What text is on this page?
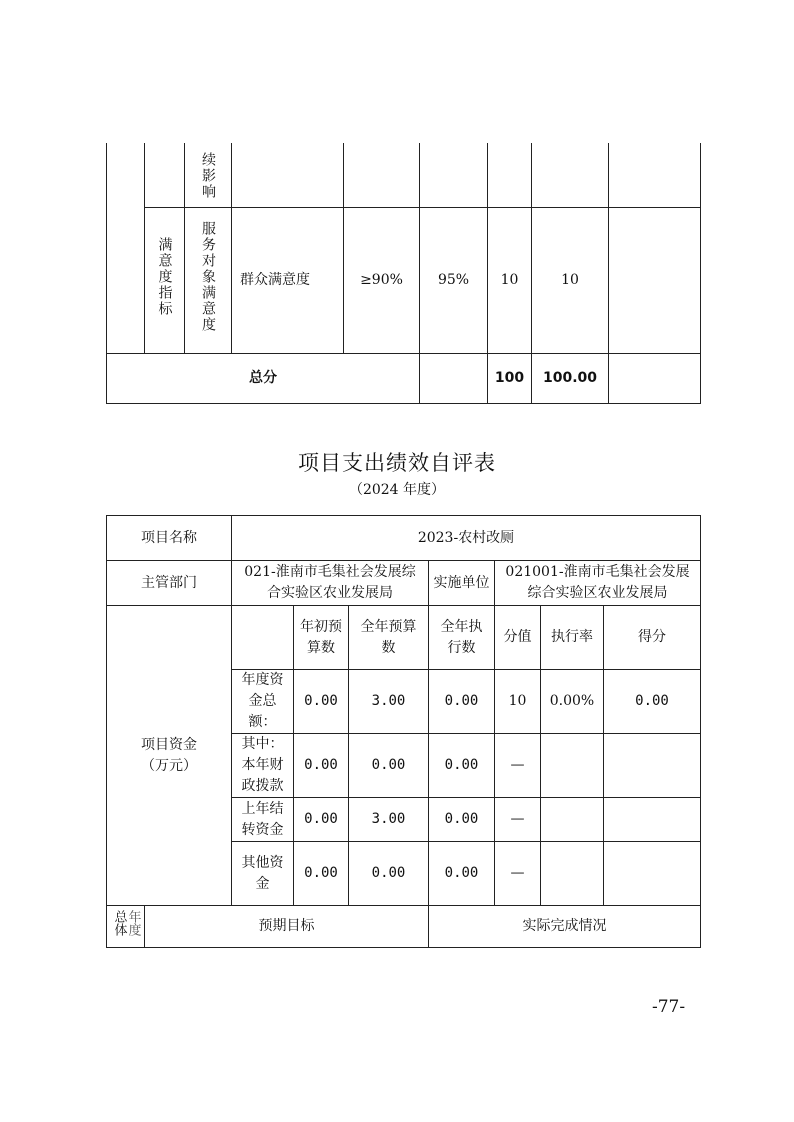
		续影响						
	满意度指标	服务对象满意度	群众满意度	≥90%	95%	10	10	
总分						100	100.00	
项目支出绩效自评表
（2024 年度）
项目名称		2023-农村改厕						
主管部门		021-淮南市毛集社会发展综合实验区农业发展局			实施单位	021001-淮南市毛集社会发展综合实验区农业发展局		
项目资金（万元）			年初预算数	全年预算数	全年执行数	分值	执行率	得分
		年度资金总额：	0.00	3.00	0.00	10	0.00%	0.00
		其中：本年财政拨款	0.00	0.00	0.00	—		
		上年结转资金	0.00	3.00	0.00	—		
		其他资金	0.00	0.00	0.00	—		
总体年度	预期目标				实际完成情况			
-77-
